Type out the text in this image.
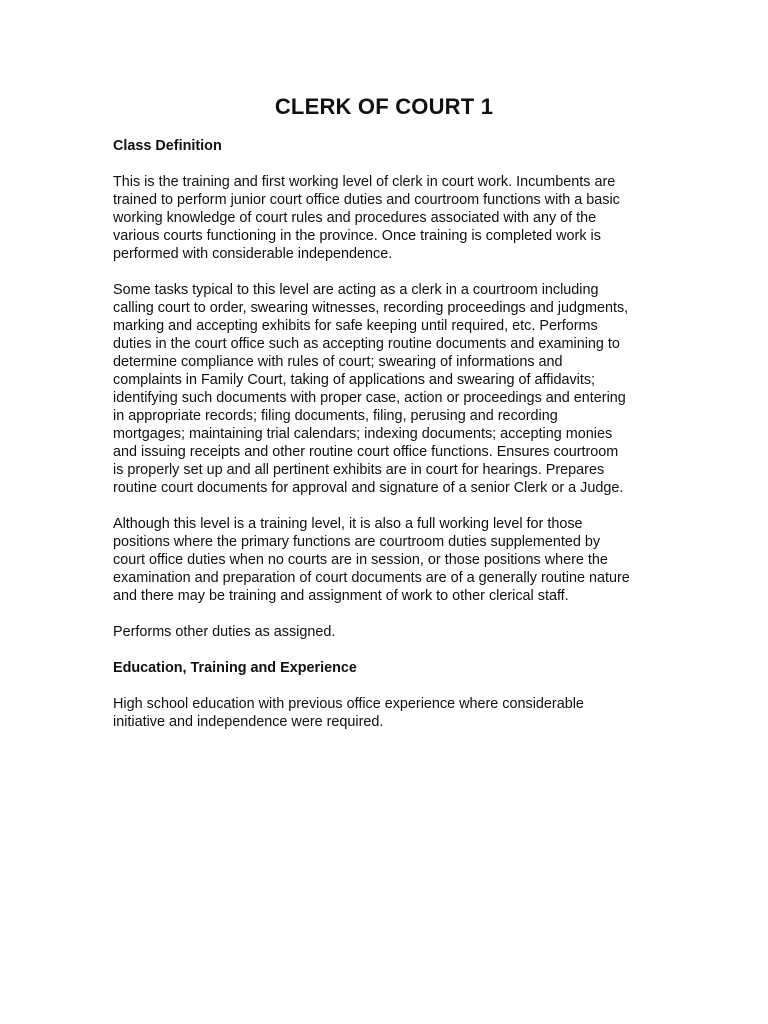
CLERK OF COURT 1
Class Definition
This is the training and first working level of clerk in court work. Incumbents are
trained to perform junior court office duties and courtroom functions with a basic
working knowledge of court rules and procedures associated with any of the
various courts functioning in the province. Once training is completed work is
performed with considerable independence.
Some tasks typical to this level are acting as a clerk in a courtroom including
calling court to order, swearing witnesses, recording proceedings and judgments,
marking and accepting exhibits for safe keeping until required, etc. Performs
duties in the court office such as accepting routine documents and examining to
determine compliance with rules of court; swearing of informations and
complaints in Family Court, taking of applications and swearing of affidavits;
identifying such documents with proper case, action or proceedings and entering
in appropriate records; filing documents, filing, perusing and recording
mortgages; maintaining trial calendars; indexing documents; accepting monies
and issuing receipts and other routine court office functions. Ensures courtroom
is properly set up and all pertinent exhibits are in court for hearings. Prepares
routine court documents for approval and signature of a senior Clerk or a Judge.
Although this level is a training level, it is also a full working level for those
positions where the primary functions are courtroom duties supplemented by
court office duties when no courts are in session, or those positions where the
examination and preparation of court documents are of a generally routine nature
and there may be training and assignment of work to other clerical staff.
Performs other duties as assigned.
Education, Training and Experience
High school education with previous office experience where considerable
initiative and independence were required.
